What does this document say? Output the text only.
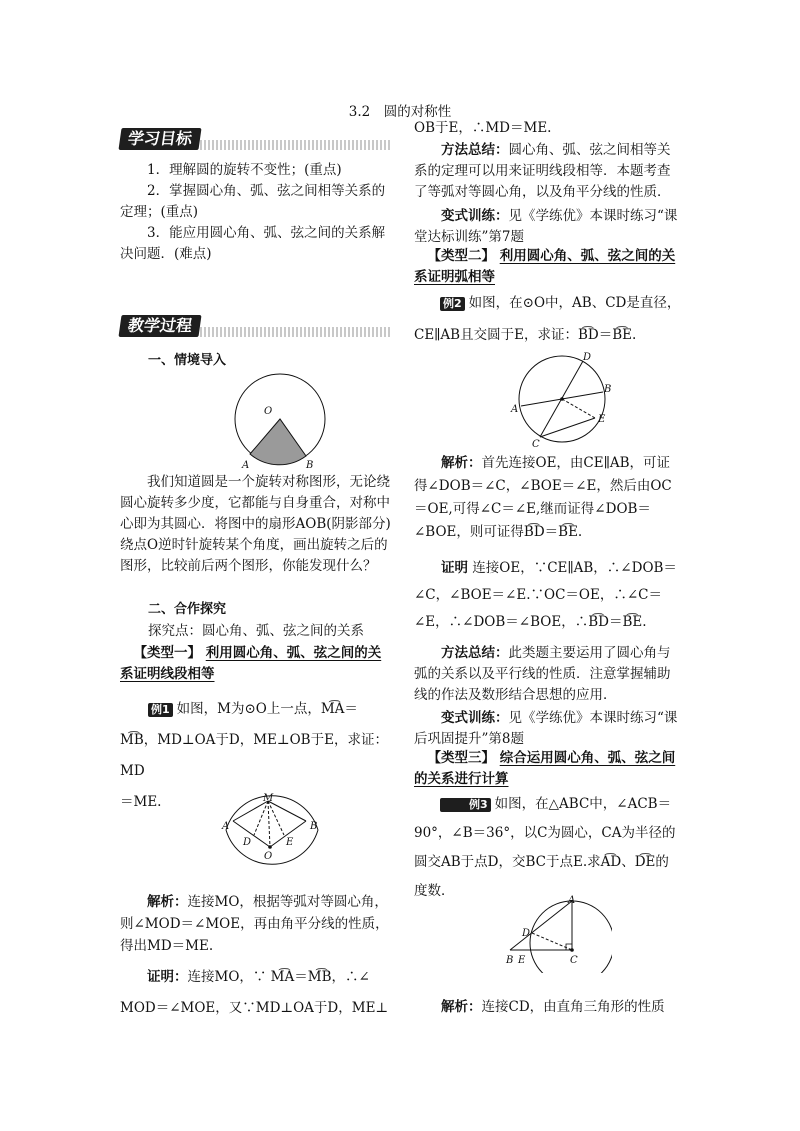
3.2　圆的对称性
学习目标

1．理解圆的旋转不变性；(重点)

2．掌握圆心角、弧、弦之间相等关系的定理；(重点)

3．能应用圆心角、弧、弦之间的关系解决问题．(难点)

教学过程
一、情境导入
O
A	B

我们知道圆是一个旋转对称图形，无论绕圆心旋转多少度，它都能与自身重合，对称中心即为其圆心．将图中的扇形AOB(阴影部分)绕点O逆时针旋转某个角度，画出旋转之后的图形，比较前后两个图形，你能发现什么？

二、合作探究
探究点：圆心角、弧、弦之间的关系

【类型一】 利用圆心角、弧、弦之间的关系证明线段相等

例1 如图，M为⊙O上一点，M͡A＝

M͡B，MD⊥OA于D，ME⊥OB于E，求证：MD

＝ME.	M
A	B
D	E
O

解析：连接MO，根据等弧对等圆心角，则∠MOD＝∠MOE，再由角平分线的性质，得出MD＝ME.

证明：连接MO，∵ M͡A＝M͡B，∴∠

MOD＝∠MOE，又∵MD⊥OA于D，ME⊥

OB于E，∴MD＝ME.

方法总结：圆心角、弧、弦之间相等关系的定理可以用来证明线段相等．本题考查了等弧对等圆心角，以及角平分线的性质．

变式训练：见《学练优》本课时练习“课堂达标训练”第7题

【类型二】 利用圆心角、弧、弦之间的关系证明弧相等

例2 如图，在⊙O中，AB、CD是直径，

CE∥AB且交圆于E，求证：B͡D＝B͡E.

D
A
B
C
E

解析：首先连接OE，由CE∥AB，可证得∠DOB＝∠C，∠BOE＝∠E，然后由OC＝OE,可得∠C＝∠E,继而证得∠DOB＝∠BOE，则可证得B͡D＝B͡E.

证明 连接OE，∵CE∥AB，∴∠DOB＝∠C，∠BOE＝∠E.∵OC＝OE，∴∠C＝∠E，∴∠DOB＝∠BOE，∴B͡D＝B͡E.

方法总结：此类题主要运用了圆心角与弧的关系以及平行线的性质．注意掌握辅助线的作法及数形结合思想的应用．

变式训练：见《学练优》本课时练习“课后巩固提升”第8题

【类型三】 综合运用圆心角、弧、弦之间的关系进行计算

例3 如图，在△ABC中，∠ACB＝90°，∠B＝36°，以C为圆心，CA为半径的圆交AB于点D，交BC于点E.求A͡D、D͡E的度数．

A
D
B E	C

解析：连接CD，由直角三角形的性质
